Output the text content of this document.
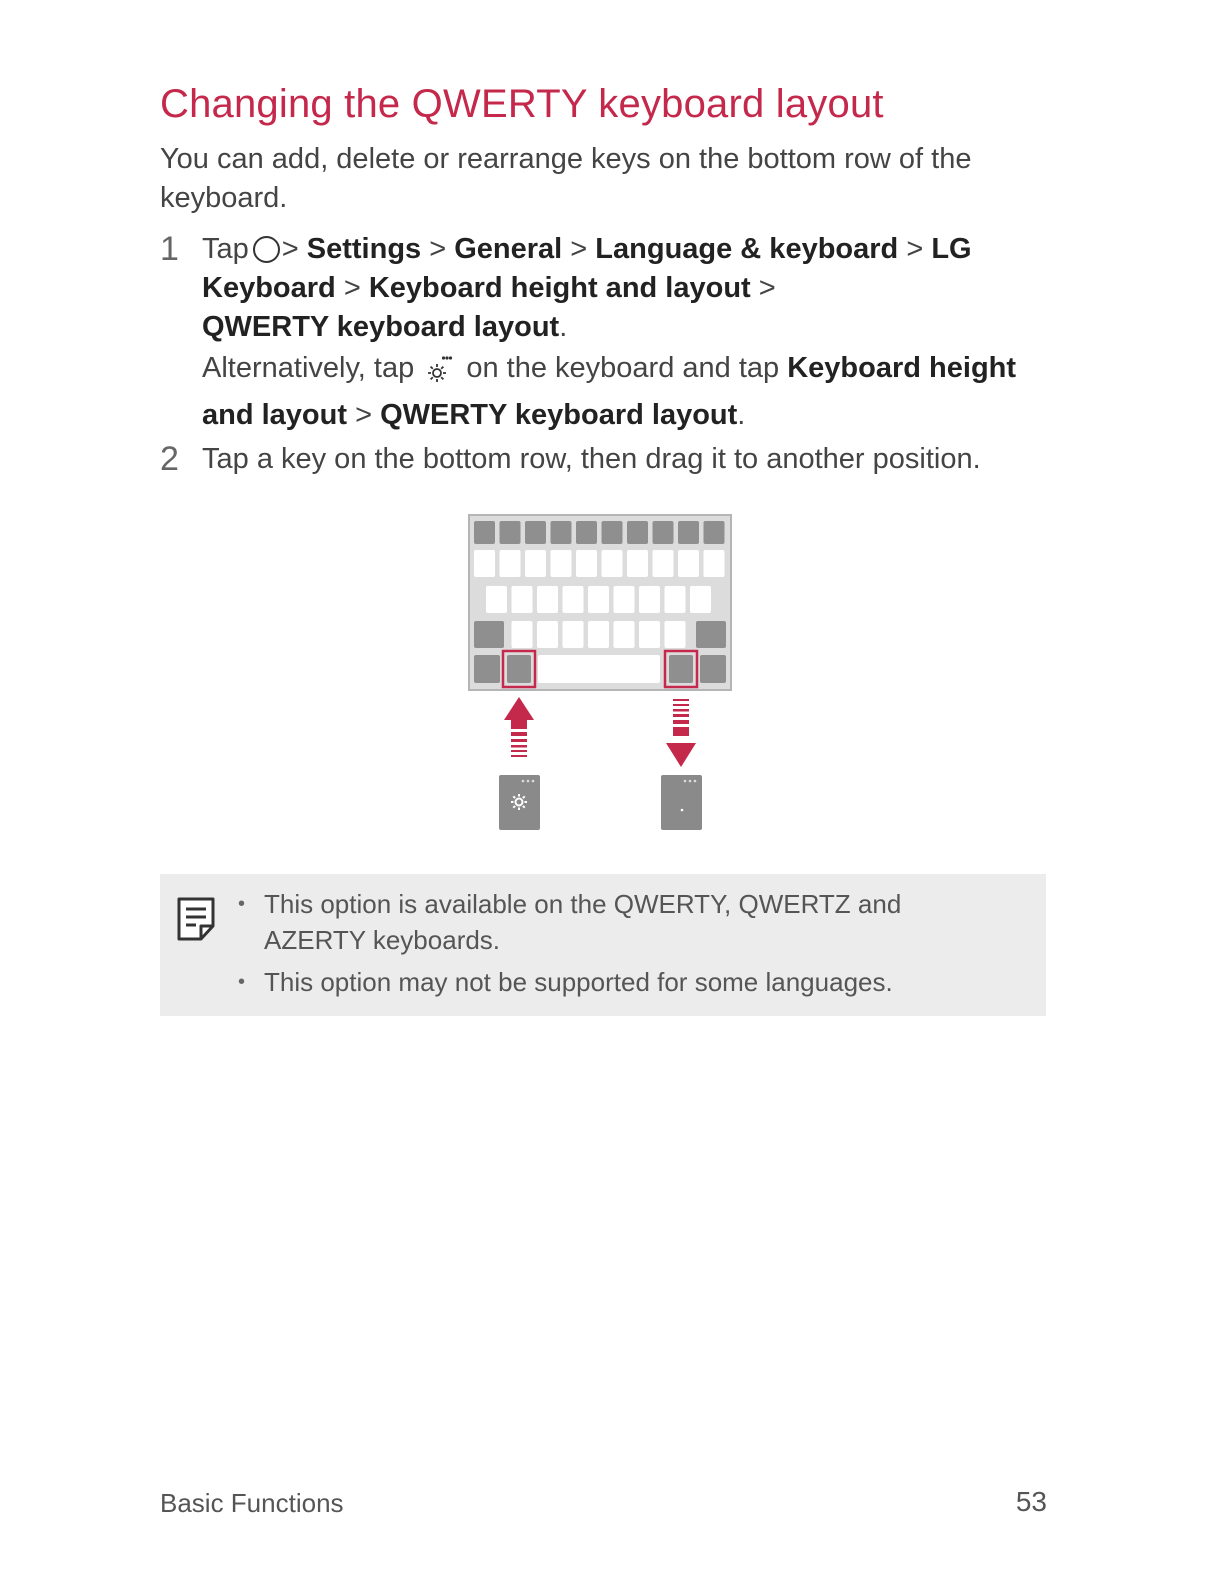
Changing the QWERTY keyboard layout

You can add, delete or rearrange keys on the bottom row of the keyboard.

1 Tap > Settings > General > Language & keyboard > LG Keyboard > Keyboard height and layout > QWERTY keyboard layout.
Alternatively, tap on the keyboard and tap Keyboard height and layout > QWERTY keyboard layout.
2 Tap a key on the bottom row, then drag it to another position.
• This option is available on the QWERTY, QWERTZ and AZERTY keyboards.
• This option may not be supported for some languages.
Basic Functions	53
